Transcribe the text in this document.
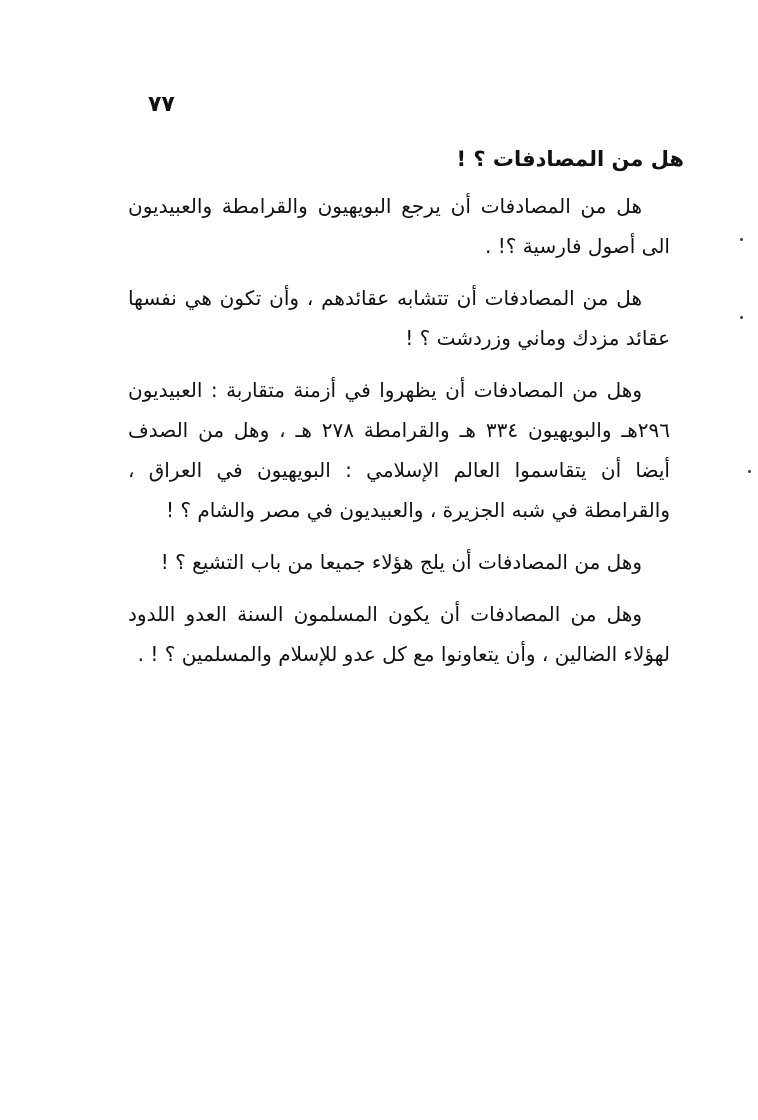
٧٧
هل من المصادفات ؟ !

هل من المصادفات أن يرجع البويهيون والقرامطة والعبيديون الى أصول فارسية ؟! .

هل من المصادفات أن تتشابه عقائدهم ، وأن تكون هي نفسها عقائد مزدك وماني وزردشت ؟ !

وهل من المصادفات أن يظهروا في أزمنة متقاربة : العبيديون ٢٩٦هـ والبويهيون ٣٣٤ هـ والقرامطة ٢٧٨ هـ ، وهل من الصدف أيضا أن يتقاسموا العالم الإسلامي : البويهيون في العراق ، والقرامطة في شبه الجزيرة ، والعبيديون في مصر والشام ؟ !

وهل من المصادفات أن يلج هؤلاء جميعا من باب التشيع ؟ !

وهل من المصادفات أن يكون المسلمون السنة العدو اللدود لهؤلاء الضالين ، وأن يتعاونوا مع كل عدو للإسلام والمسلمين ؟ ! .
